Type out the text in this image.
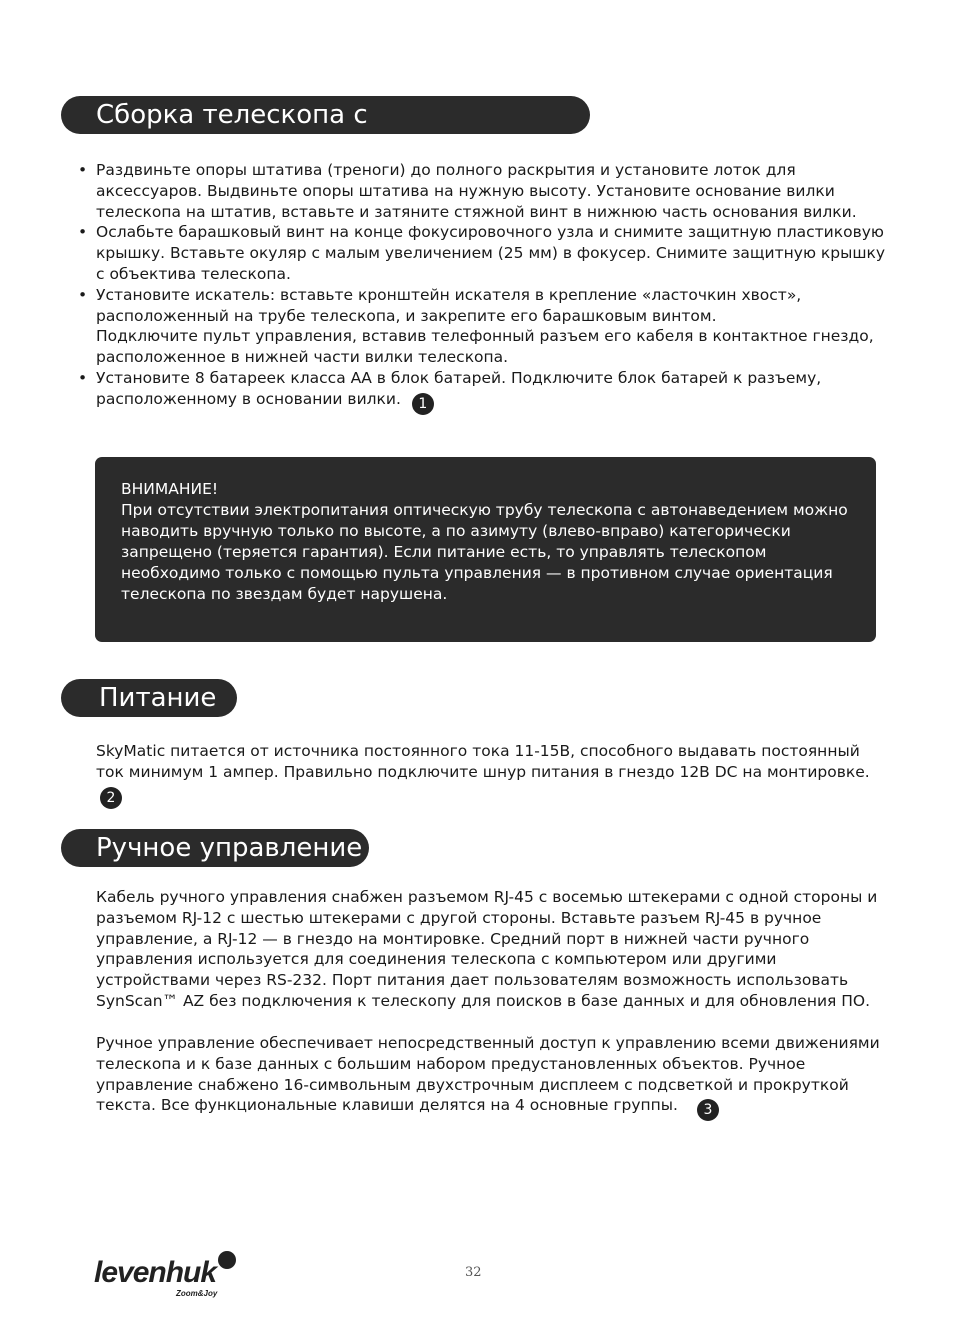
Сборка телескопа с автонаведением
• Раздвиньте опоры штатива (треноги) до полного раскрытия и установите лоток для аксессуаров. Выдвиньте опоры штатива на нужную высоту. Установите основание вилки телескопа на штатив, вставьте и затяните стяжной винт в нижнюю часть основания вилки.
• Ослабьте барашковый винт на конце фокусировочного узла и снимите защитную пластиковую крышку. Вставьте окуляр с малым увеличением (25 мм) в фокусер. Снимите защитную крышку с объектива телескопа.
• Установите искатель: вставьте кронштейн искателя в крепление «ласточкин хвост», расположенный на трубе телескопа, и закрепите его барашковым винтом.
Подключите пульт управления, вставив телефонный разъем его кабеля в контактное гнездо, расположенное в нижней части вилки телескопа.
• Установите 8 батареек класса АА в блок батарей. Подключите блок батарей к разъему, расположенному в основании вилки. 1
ВНИМАНИЕ!
При отсутствии электропитания оптическую трубу телескопа с автонаведением можно наводить вручную только по высоте, а по азимуту (влево-вправо) категорически запрещено (теряется гарантия). Если питание есть, то управлять телескопом необходимо только с помощью пульта управления — в противном случае ориентация телескопа по звездам будет нарушена.
Питание
SkyMatic питается от источника постоянного тока 11-15В, способного выдавать постоянный ток минимум 1 ампер. Правильно подключите шнур питания в гнездо 12В DC на монтировке. 2
Ручное управление
Кабель ручного управления снабжен разъемом RJ-45 с восемью штекерами с одной стороны и разъемом RJ-12 с шестью штекерами с другой стороны. Вставьте разъем RJ-45 в ручное управление, а RJ-12 — в гнездо на монтировке. Средний порт в нижней части ручного управления используется для соединения телескопа с компьютером или другими устройствами через RS-232. Порт питания дает пользователям возможность использовать SynScan™ AZ без подключения к телескопу для поисков в базе данных и для обновления ПО.
Ручное управление обеспечивает непосредственный доступ к управлению всеми движениями телескопа и к базе данных с большим набором предустановленных объектов. Ручное управление снабжено 16-символьным двухстрочным дисплеем с подсветкой и прокруткой текста. Все функциональные клавиши делятся на 4 основные группы. 3
32
levenhuk
Zoom&Joy
